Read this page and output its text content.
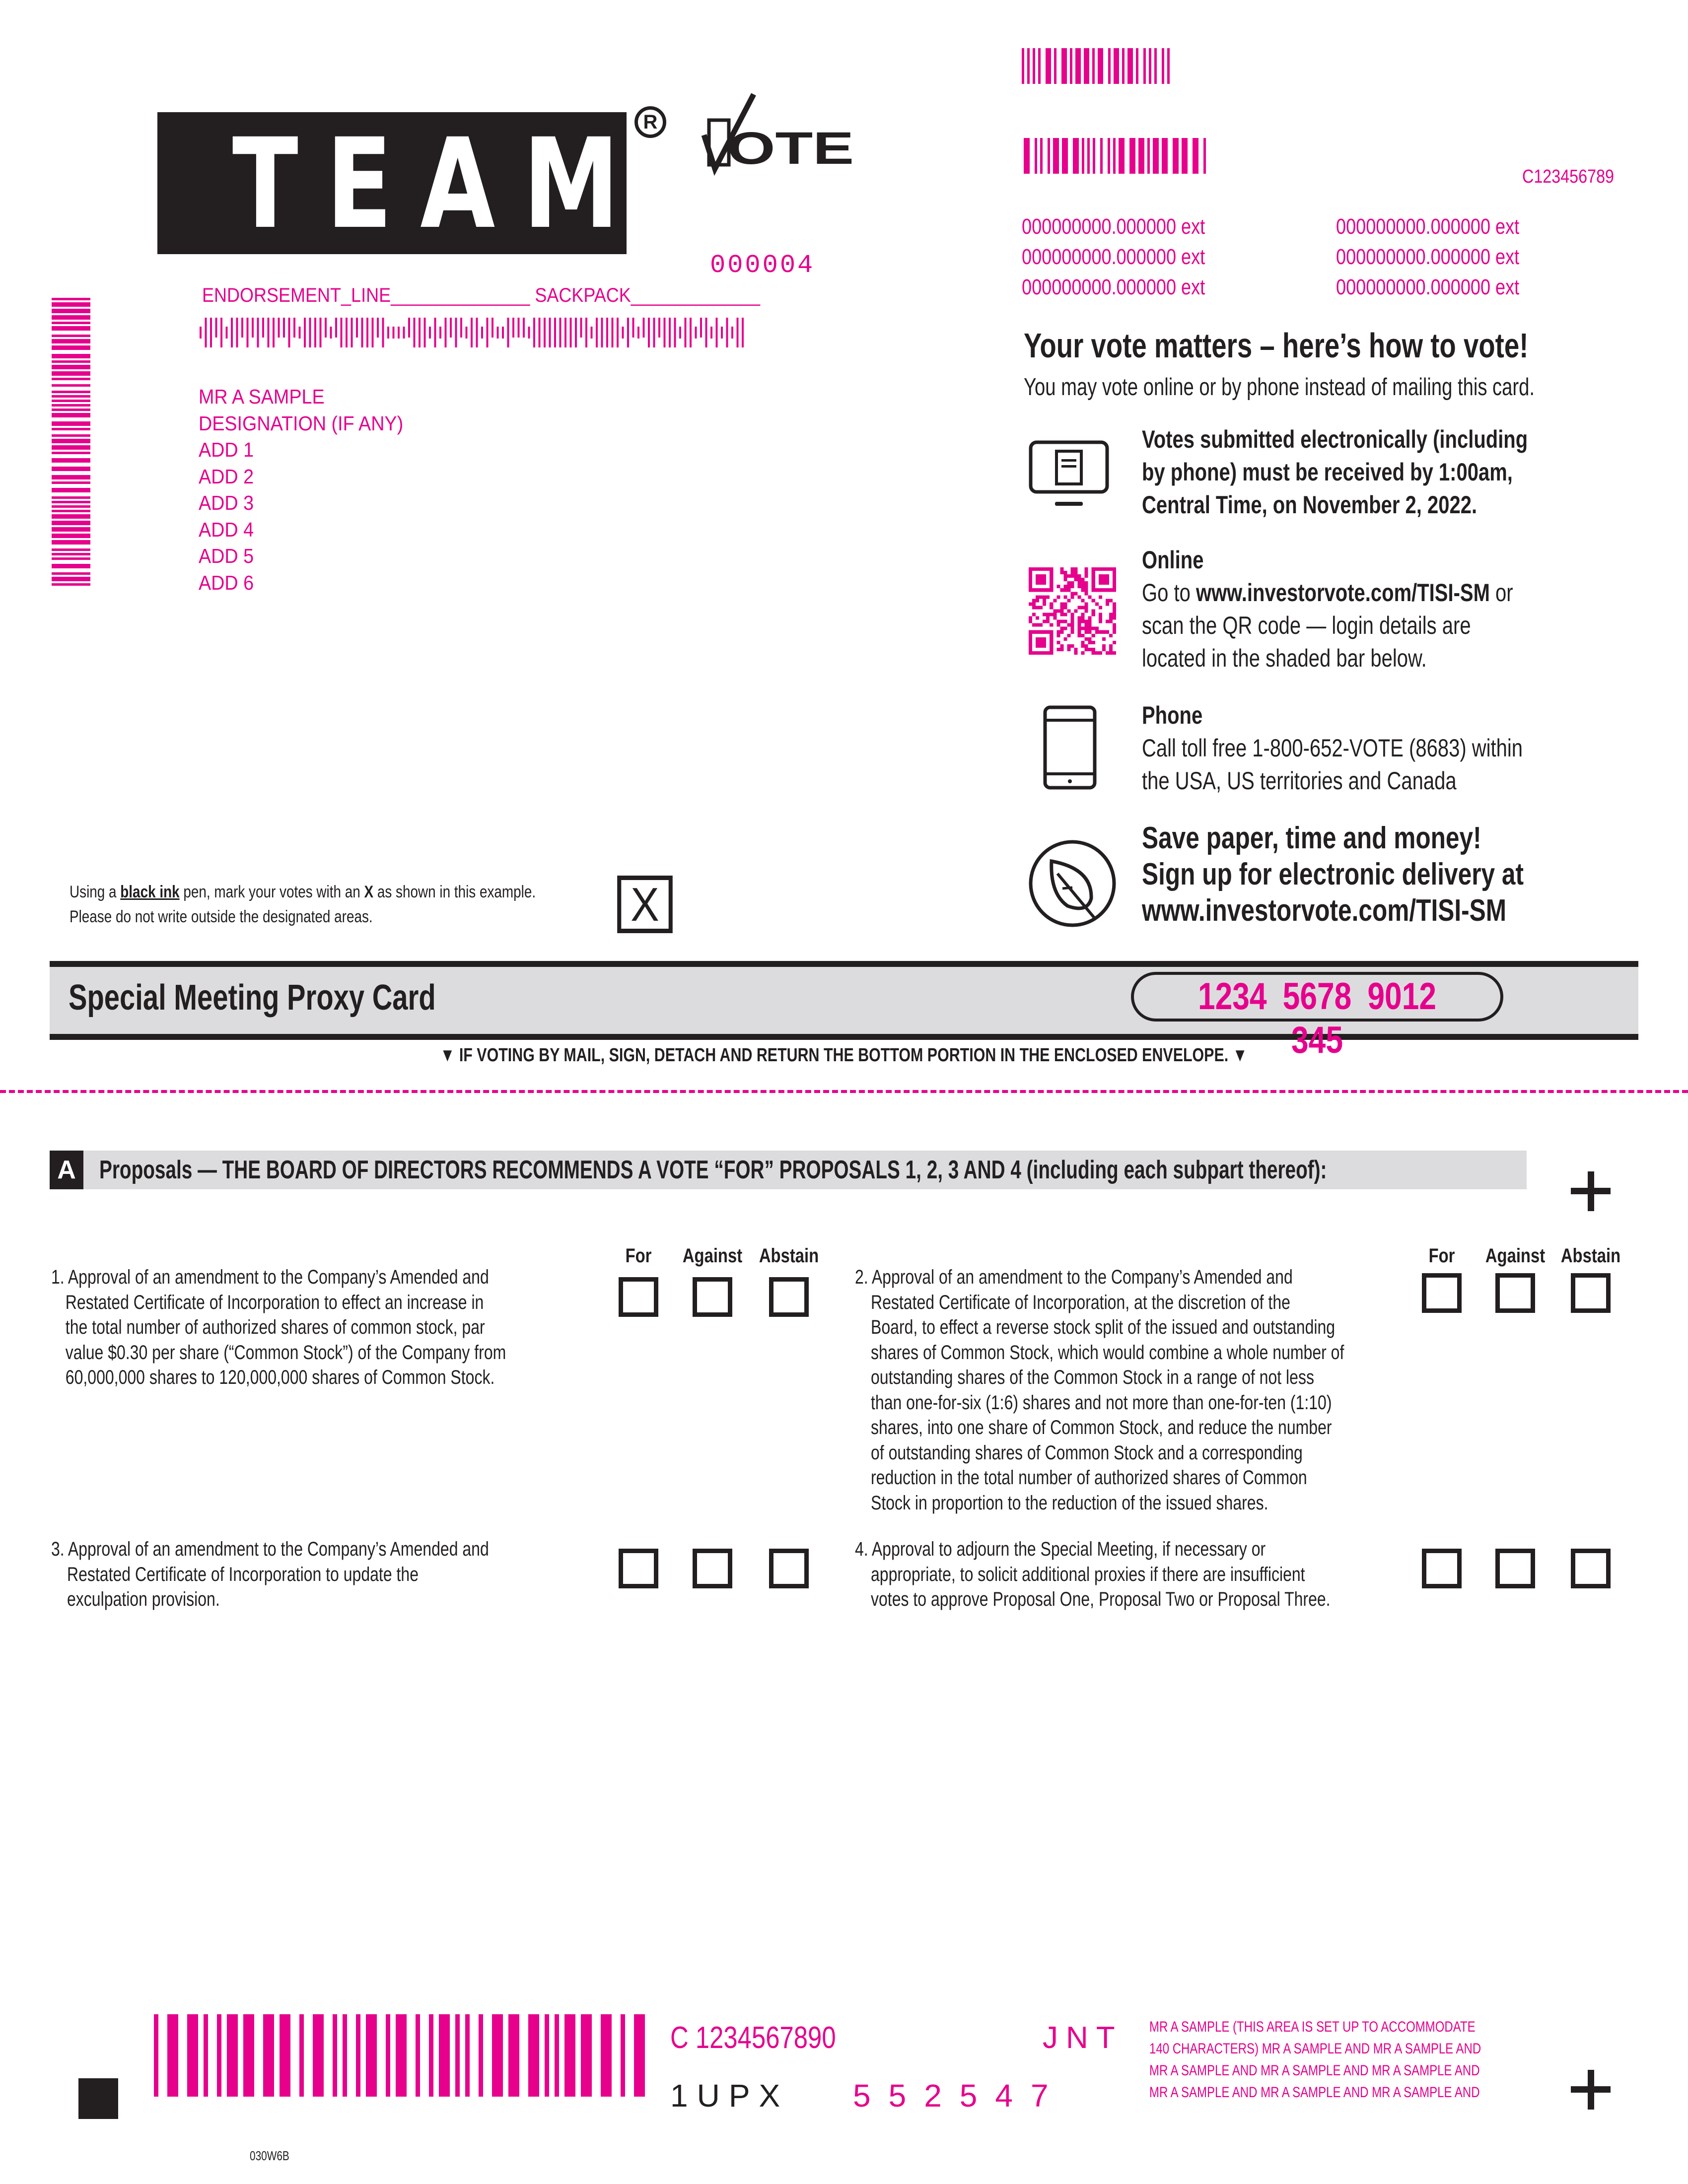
TEAM
R
OTE
000004
ENDORSEMENT_LINE______________ SACKPACK_____________
MR A SAMPLE
DESIGNATION (IF ANY)
ADD 1
ADD 2
ADD 3
ADD 4
ADD 5
ADD 6
C123456789
000000000.000000 ext
000000000.000000 ext
000000000.000000 ext
000000000.000000 ext
000000000.000000 ext
000000000.000000 ext
Your vote matters – here’s how to vote!
You may vote online or by phone instead of mailing this card.
Votes submitted electronically (including
by phone) must be received by 1:00am,
Central Time, on November 2, 2022.
Online
Go to www.investorvote.com/TISI-SM or
scan the QR code — login details are
located in the shaded bar below.
Phone
Call toll free 1-800-652-VOTE (8683) within
the USA, US territories and Canada
Save paper, time and money!
Sign up for electronic delivery at
www.investorvote.com/TISI-SM
Using a black ink pen, mark your votes with an X as shown in this example.
Please do not write outside the designated areas.	X
Special Meeting Proxy Card	1234 5678 9012 345
▼ IF VOTING BY MAIL, SIGN, DETACH AND RETURN THE BOTTOM PORTION IN THE ENCLOSED ENVELOPE. ▼
A Proposals — THE BOARD OF DIRECTORS RECOMMENDS A VOTE “FOR” PROPOSALS 1, 2, 3 AND 4 (including each subpart thereof):
For	Against Abstain	For	Against Abstain
1. Approval of an amendment to the Company’s Amended and
Restated Certificate of Incorporation to effect an increase in
the total number of authorized shares of common stock, par
value $0.30 per share (“Common Stock”) of the Company from
60,000,000 shares to 120,000,000 shares of Common Stock.
2. Approval of an amendment to the Company’s Amended and
Restated Certificate of Incorporation, at the discretion of the
Board, to effect a reverse stock split of the issued and outstanding
shares of Common Stock, which would combine a whole number of
outstanding shares of the Common Stock in a range of not less
than one-for-six (1:6) shares and not more than one-for-ten (1:10)
shares, into one share of Common Stock, and reduce the number
of outstanding shares of Common Stock and a corresponding
reduction in the total number of authorized shares of Common
Stock in proportion to the reduction of the issued shares.
3. Approval of an amendment to the Company’s Amended and
Restated Certificate of Incorporation to update the
exculpation provision.
4. Approval to adjourn the Special Meeting, if necessary or
appropriate, to solicit additional proxies if there are insufficient
votes to approve Proposal One, Proposal Two or Proposal Three.
030W6B
C 1234567890	JNT
1UPX 552547
MR A SAMPLE (THIS AREA IS SET UP TO ACCOMMODATE
140 CHARACTERS) MR A SAMPLE AND MR A SAMPLE AND
MR A SAMPLE AND MR A SAMPLE AND MR A SAMPLE AND
MR A SAMPLE AND MR A SAMPLE AND MR A SAMPLE AND
